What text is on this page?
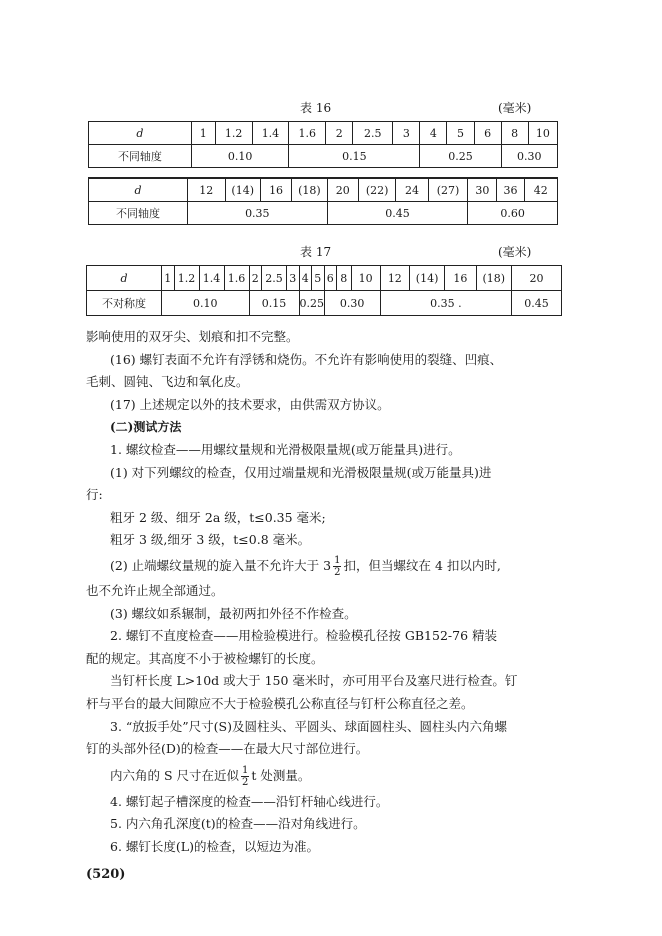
表 16	(毫米)
d	1	1.2	1.4	1.6	2	2.5	3	4	5	6	8	10
不同轴度	0.10			0.15				0.25			0.30	
d	12	(14)	16	(18)	20	(22)	24	(27)	30	36	42
不同轴度	0.35				0.45				0.60		
表 17	(毫米)
d	1	1.2	1.4	1.6	2	2.5	3	4	5	6	8	10	12	(14)	16	(18)	20
不对称度	0.10				0.15			0.25		0.30			0.35 .				0.45

影响使用的双牙尖、划痕和扣不完整。

(16) 螺钉表面不允许有浮锈和烧伤。不允许有影响使用的裂缝、凹痕、

毛刺、圆钝、飞边和氧化皮。

(17) 上述规定以外的技术要求，由供需双方协议。

(二)测试方法

1. 螺纹检查——用螺纹量规和光滑极限量规(或万能量具)进行。

(1) 对下列螺纹的检查，仅用过端量规和光滑极限量规(或万能量具)进

行:

粗牙 2 级、细牙 2a 级，t≤0.35 毫米;

粗牙 3 级,细牙 3 级，t≤0.8 毫米。

(2) 止端螺纹量规的旋入量不允许大于 $3 \frac{1}{2}$ 扣，但当螺纹在 4 扣以内时,

也不允许止规全部通过。

(3) 螺纹如系辗制，最初两扣外径不作检查。

2. 螺钉不直度检查——用检验模进行。检验模孔径按 GB152-76 精装

配的规定。其高度不小于被检螺钉的长度。

当钉杆长度 L>10d 或大于 150 毫米时，亦可用平台及塞尺进行检查。钉

杆与平台的最大间隙应不大于检验模孔公称直径与钉杆公称直径之差。

3. “放扳手处”尺寸(S)及圆柱头、平圆头、球面圆柱头、圆柱头内六角螺

钉的头部外径(D)的检查——在最大尺寸部位进行。

内六角的 S 尺寸在近似 $\frac{1}{2}$ t 处测量。

4. 螺钉起子槽深度的检查——沿钉杆轴心线进行。

5. 内六角孔深度(t)的检查——沿对角线进行。

6. 螺钉长度(L)的检查，以短边为准。

(520)
